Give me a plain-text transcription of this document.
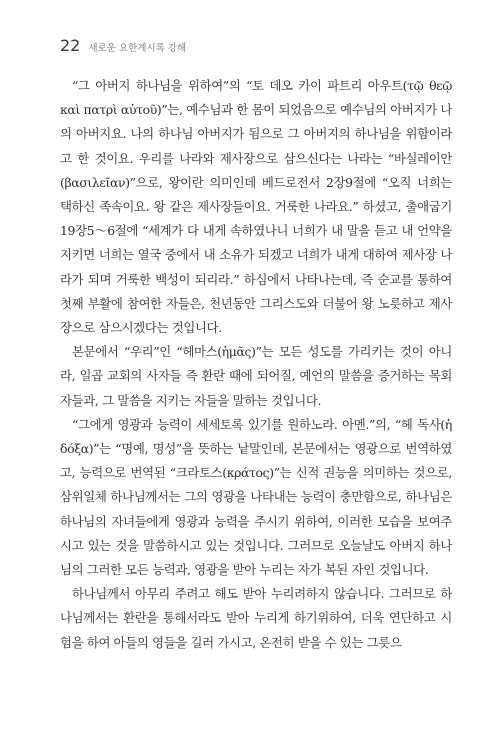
22 새로운 요한계시록 강해

“그 아버지 하나님을 위하여”의 “토 데오 카이 파트리 아우트(τῷ θεῷ καὶ πατρὶ αὐτοῦ)”는, 예수님과 한 몸이 되었음으로 예수님의 아버지가 나의 아버지요. 나의 하나님 아버지가 됨으로 그 아버지의 하나님을 위함이라고 한 것이요. 우리를 나라와 제사장으로 삼으신다는 나라는 “바실레이안(βασιλεῖαν)”으로, 왕이란 의미인데 베드로전서 2장9절에 “오직 너희는 택하신 족속이요. 왕 같은 제사장들이요. 거룩한 나라요.” 하셨고, 출애굽기 19장5～6절에 “세계가 다 내게 속하였나니 너희가 내 말을 듣고 내 언약을 지키면 너희는 열국 중에서 내 소유가 되겠고 너희가 내게 대하여 제사장 나라가 되며 거룩한 백성이 되리라.” 하심에서 나타나는데, 즉 순교를 통하여 첫째 부활에 참여한 자들은, 천년동안 그리스도와 더불어 왕 노릇하고 제사장으로 삼으시겠다는 것입니다.

본문에서 “우리”인 “헤마스(ἡμᾶς)”는 모든 성도를 가리키는 것이 아니라, 일곱 교회의 사자들 즉 환란 때에 되어질, 예언의 말씀을 증거하는 목회자들과, 그 말씀을 지키는 자들을 말하는 것입니다.

“그에게 영광과 능력이 세세토록 있기를 원하노라. 아멘.”의, “헤 독사(ἡ δόξα)”는 “명예, 명성”을 뜻하는 낱말인데, 본문에서는 영광으로 번역하였고, 능력으로 번역된 “크라토스(κράτος)”는 신적 권능을 의미하는 것으로, 삼위일체 하나님께서는 그의 영광을 나타내는 능력이 충만함으로, 하나님은 하나님의 자녀들에게 영광과 능력을 주시기 위하여, 이러한 모습을 보여주시고 있는 것을 말씀하시고 있는 것입니다. 그러므로 오늘날도 아버지 하나님의 그러한 모든 능력과, 영광을 받아 누리는 자가 복된 자인 것입니다.

하나님께서 아무리 주려고 해도 받아 누리려하지 않습니다. 그러므로 하나님께서는 환란을 통해서라도 받아 누리게 하기위하여, 더욱 연단하고 시험을 하여 아들의 영들을 길러 가시고, 온전히 받을 수 있는 그릇으
